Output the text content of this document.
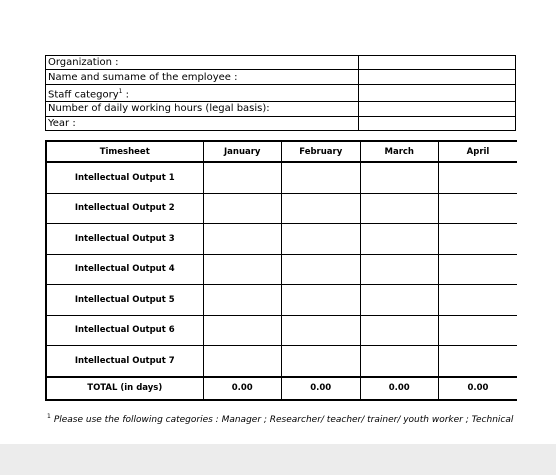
Organization :	
Name and sumame of the employee :	
Staff category$^1$ :	
Number of daily working hours (legal basis):	
Year :	
Timesheet	January	February	March	April
Intellectual Output 1				
Intellectual Output 2				
Intellectual Output 3				
Intellectual Output 4				
Intellectual Output 5				
Intellectual Output 6				
Intellectual Output 7				
TOTAL (in days)	0.00	0.00	0.00	0.00
$^1$ Please use the following categories : Manager ; Researcher/ teacher/ trainer/ youth worker ; Technical
